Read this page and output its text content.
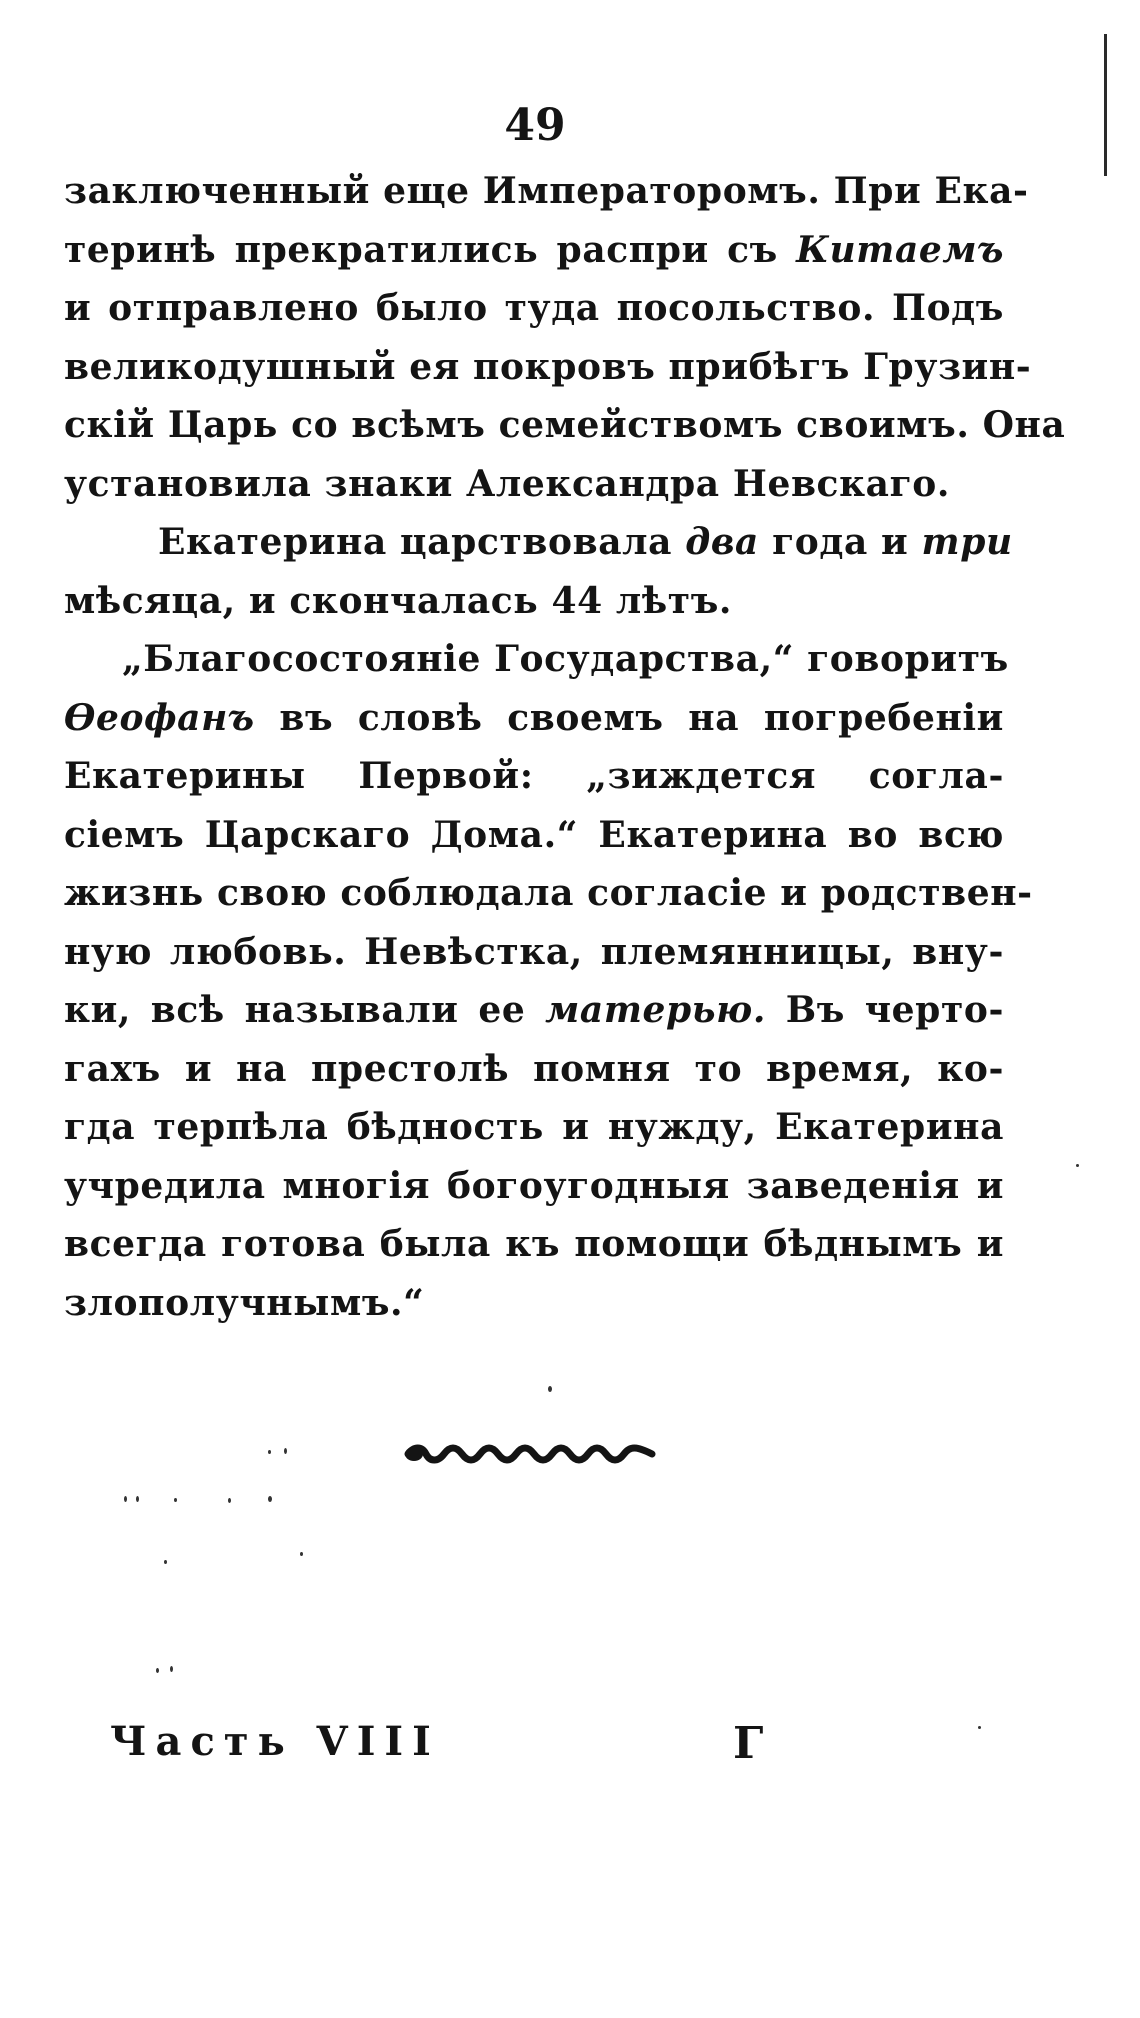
49
заключенный еще Императоромъ. При Ека-
теринѣ прекратились распри съ Китаемъ
и отправлено было туда посольство. Подъ
великодушный ея покровъ прибѣгъ Грузин-
скій Царь со всѣмъ семействомъ своимъ. Она
установила знаки Александра Невскаго.
Екатерина царствовала два года и три
мѣсяца, и скончалась 44 лѣтъ.
„Благосостояніе Государства,“ говоритъ
Ѳеофанъ въ словѣ своемъ на погребеніи
Екатерины Первой: „зиждется согла-
сіемъ Царскаго Дома.“ Екатерина во всю
жизнь свою соблюдала согласіе и родствен-
ную любовь. Невѣстка, племянницы, вну-
ки, всѣ называли ее матерью. Въ черто-
гахъ и на престолѣ помня то время, ко-
гда терпѣла бѣдность и нужду, Екатерина
учредила многія богоугодныя заведенія и
всегда готова была къ помощи бѣднымъ и
злополучнымъ.“
Часть VIII	Г
